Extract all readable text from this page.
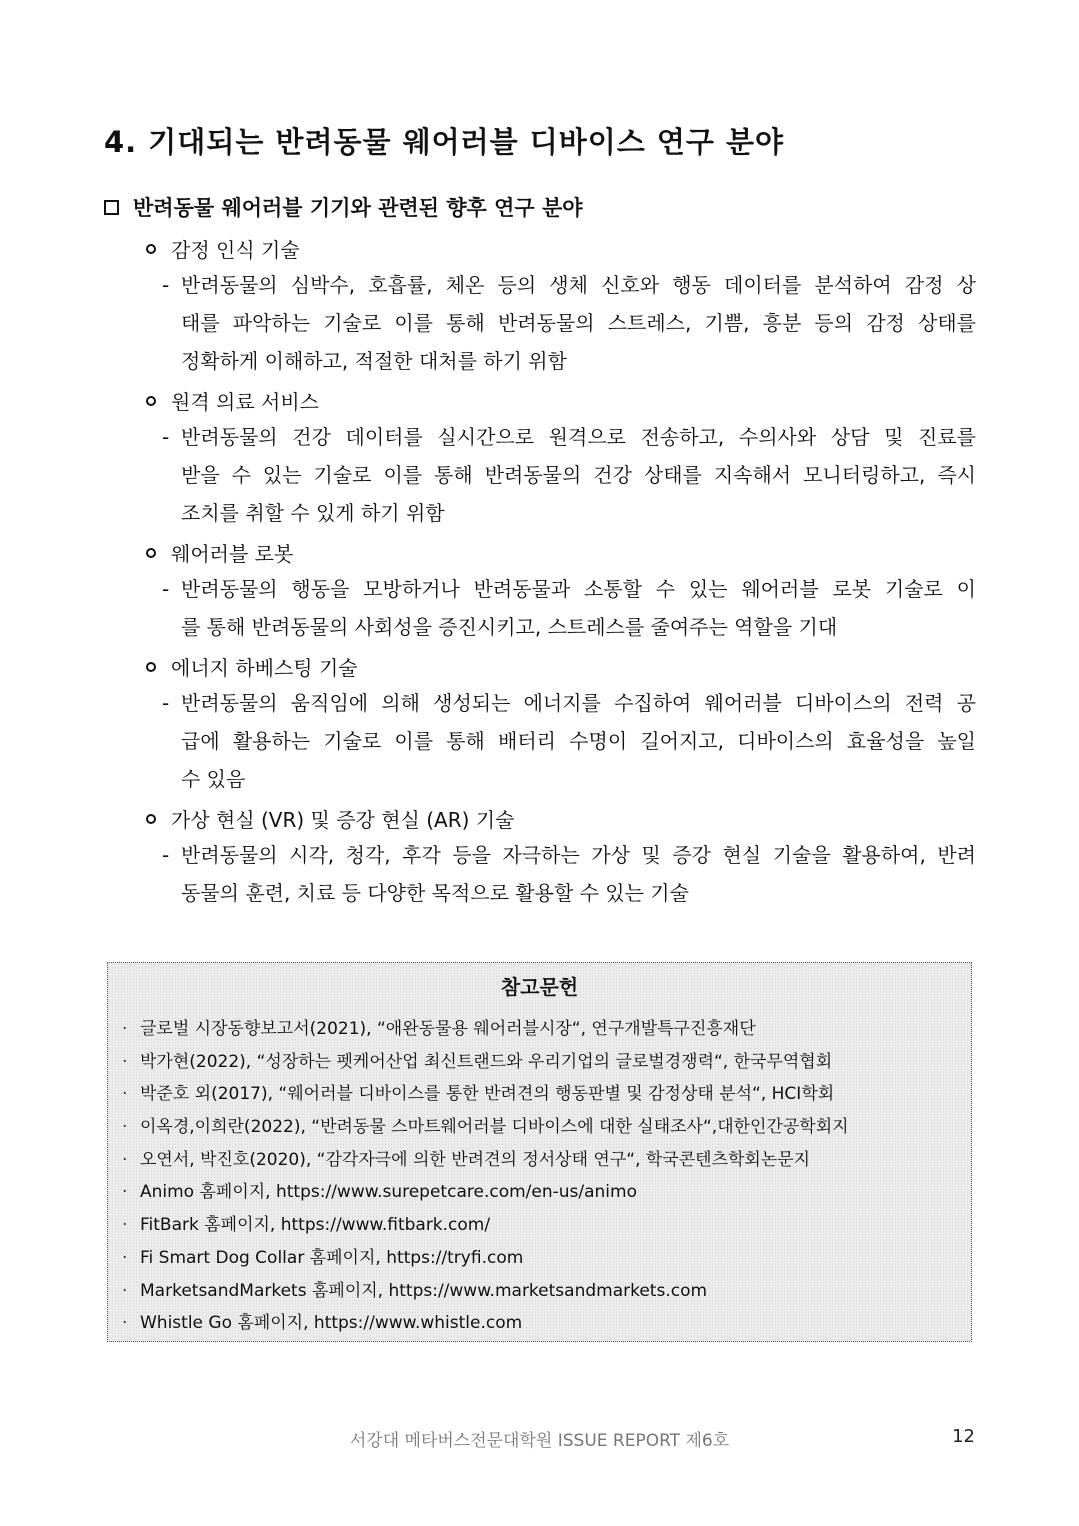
4. 기대되는 반려동물 웨어러블 디바이스 연구 분야
반려동물 웨어러블 기기와 관련된 향후 연구 분야
감정 인식 기술
- 반려동물의 심박수, 호흡률, 체온 등의 생체 신호와 행동 데이터를 분석하여 감정 상
태를 파악하는 기술로 이를 통해 반려동물의 스트레스, 기쁨, 흥분 등의 감정 상태를
정확하게 이해하고, 적절한 대처를 하기 위함
원격 의료 서비스
- 반려동물의 건강 데이터를 실시간으로 원격으로 전송하고, 수의사와 상담 및 진료를
받을 수 있는 기술로 이를 통해 반려동물의 건강 상태를 지속해서 모니터링하고, 즉시
조치를 취할 수 있게 하기 위함
웨어러블 로봇
- 반려동물의 행동을 모방하거나 반려동물과 소통할 수 있는 웨어러블 로봇 기술로 이
를 통해 반려동물의 사회성을 증진시키고, 스트레스를 줄여주는 역할을 기대
에너지 하베스팅 기술
- 반려동물의 움직임에 의해 생성되는 에너지를 수집하여 웨어러블 디바이스의 전력 공
급에 활용하는 기술로 이를 통해 배터리 수명이 길어지고, 디바이스의 효율성을 높일
수 있음
가상 현실 (VR) 및 증강 현실 (AR) 기술
- 반려동물의 시각, 청각, 후각 등을 자극하는 가상 및 증강 현실 기술을 활용하여, 반려
동물의 훈련, 치료 등 다양한 목적으로 활용할 수 있는 기술
참고문헌
· 글로벌 시장동향보고서(2021), “애완동물용 웨어러블시장“, 연구개발특구진흥재단
· 박가현(2022), “성장하는 펫케어산업 최신트랜드와 우리기업의 글로벌경쟁력“, 한국무역협회
· 박준호 외(2017), “웨어러블 디바이스를 통한 반려견의 행동판별 및 감정상태 분석“, HCI학회
· 이옥경,이희란(2022), “반려동물 스마트웨어러블 디바이스에 대한 실태조사“,대한인간공학회지
· 오연서, 박진호(2020), “감각자극에 의한 반려견의 정서상태 연구“, 학국콘텐츠학회논문지
· Animo 홈페이지, https://www.surepetcare.com/en-us/animo
· FitBark 홈페이지, https://www.fitbark.com/
· Fi Smart Dog Collar 홈페이지, https://tryfi.com
· MarketsandMarkets 홈페이지, https://www.marketsandmarkets.com
· Whistle Go 홈페이지, https://www.whistle.com
서강대 메타버스전문대학원 ISSUE REPORT 제6호	12
